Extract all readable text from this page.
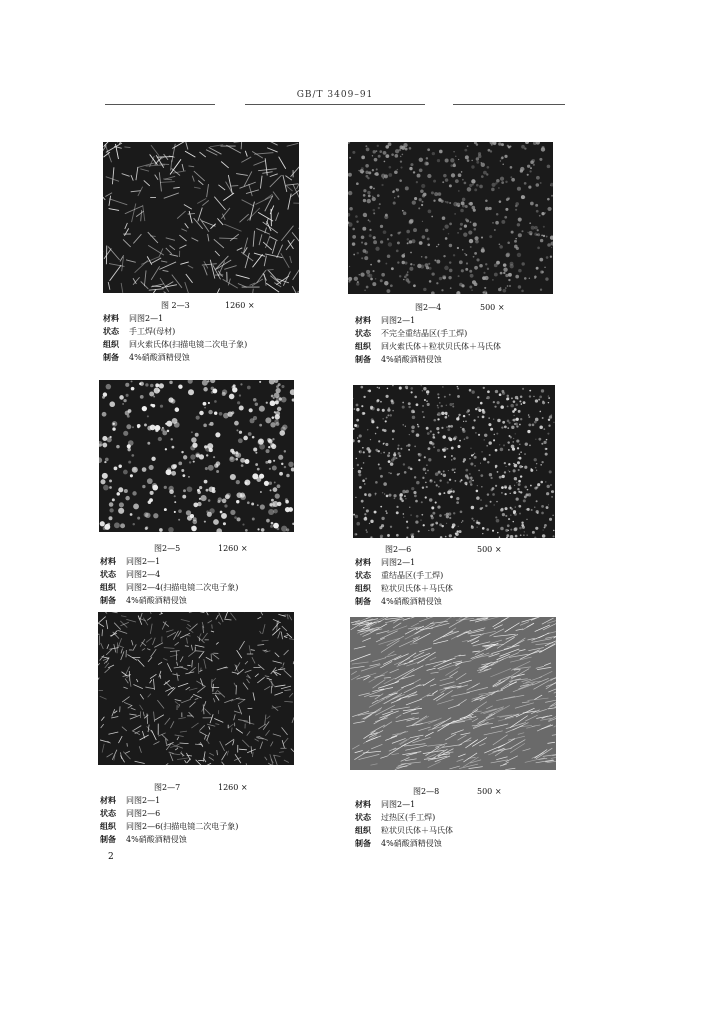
GB/T 3409–91
图 2—3	1260 ×
材料 同图2—1
状态 手工焊(母材)
组织 回火索氏体(扫描电镜二次电子象)
制备 4%硝酸酒精侵蚀
图2—4	500 ×
材料 同图2—1
状态 不完全重结晶区(手工焊)
组织 回火索氏体＋粒状贝氏体＋马氏体
制备 4%硝酸酒精侵蚀
图2—5	1260 ×
材料 同图2—1
状态 同图2—4
组织 同图2—4(扫描电镜二次电子象)
制备 4%硝酸酒精侵蚀
图2—6	500 ×
材料 同图2—1
状态 重结晶区(手工焊)
组织 粒状贝氏体＋马氏体
制备 4%硝酸酒精侵蚀
图2—7	1260 ×
材料 同图2—1
状态 同图2—6
组织 同图2—6(扫描电镜二次电子象)
制备 4%硝酸酒精侵蚀
图2—8	500 ×
材料 同图2—1
状态 过热区(手工焊)
组织 粒状贝氏体＋马氏体
制备 4%硝酸酒精侵蚀
2
